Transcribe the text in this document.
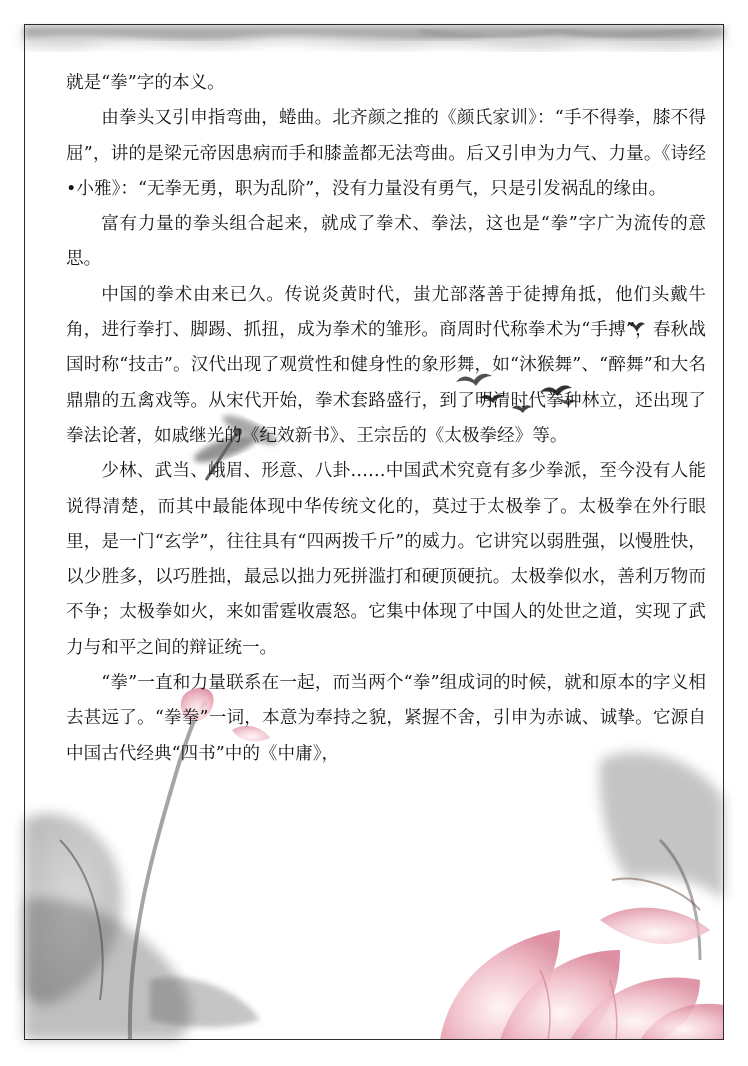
就是“拳”字的本义。

由拳头又引申指弯曲，蜷曲。北齐颜之推的《颜氏家训》：“手不得拳，膝不得屈”，讲的是梁元帝因患病而手和膝盖都无法弯曲。后又引申为力气、力量。《诗经•小雅》：“无拳无勇，职为乱阶”，没有力量没有勇气，只是引发祸乱的缘由。

富有力量的拳头组合起来，就成了拳术、拳法，这也是“拳”字广为流传的意思。

中国的拳术由来已久。传说炎黄时代，蚩尤部落善于徒搏角抵，他们头戴牛角，进行拳打、脚踢、抓扭，成为拳术的雏形。商周时代称拳术为“手搏”，春秋战国时称“技击”。汉代出现了观赏性和健身性的象形舞，如“沐猴舞”、“醉舞”和大名鼎鼎的五禽戏等。从宋代开始，拳术套路盛行，到了明清时代拳种林立，还出现了拳法论著，如戚继光的《纪效新书》、王宗岳的《太极拳经》等。

少林、武当、峨眉、形意、八卦……中国武术究竟有多少拳派，至今没有人能说得清楚，而其中最能体现中华传统文化的，莫过于太极拳了。太极拳在外行眼里，是一门“玄学”，往往具有“四两拨千斤”的威力。它讲究以弱胜强，以慢胜快，以少胜多，以巧胜拙，最忌以拙力死拼滥打和硬顶硬抗。太极拳似水，善利万物而不争；太极拳如火，来如雷霆收震怒。它集中体现了中国人的处世之道，实现了武力与和平之间的辩证统一。

“拳”一直和力量联系在一起，而当两个“拳”组成词的时候，就和原本的字义相去甚远了。“拳拳”一词，本意为奉持之貌，紧握不舍，引申为赤诚、诚挚。它源自中国古代经典“四书”中的《中庸》，
